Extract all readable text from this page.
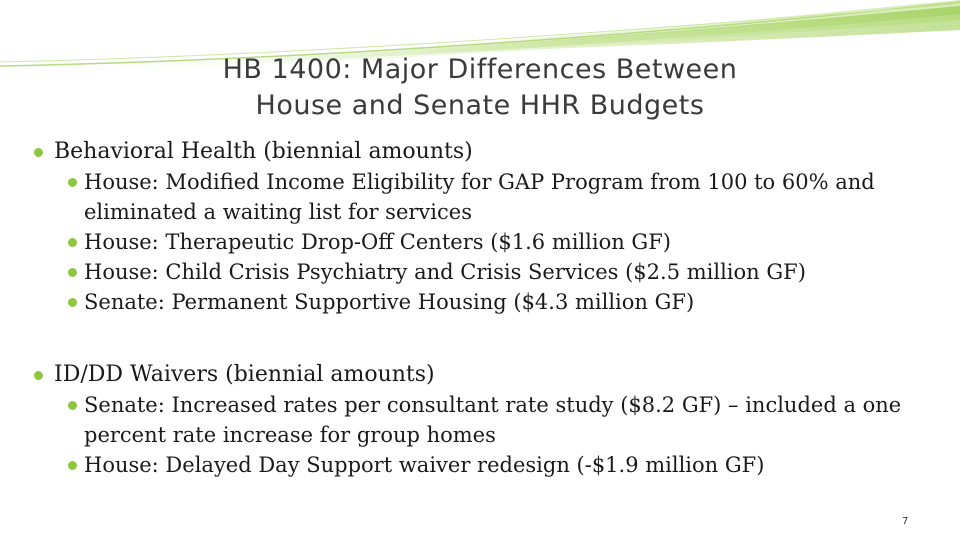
HB 1400: Major Differences Between
House and Senate HHR Budgets
Behavioral Health (biennial amounts)
House: Modified Income Eligibility for GAP Program from 100 to 60% and eliminated a waiting list for services
House: Therapeutic Drop-Off Centers ($1.6 million GF)
House: Child Crisis Psychiatry and Crisis Services ($2.5 million GF)
Senate: Permanent Supportive Housing ($4.3 million GF)
ID/DD Waivers (biennial amounts)
Senate: Increased rates per consultant rate study ($8.2 GF) – included a one percent rate increase for group homes
House: Delayed Day Support waiver redesign (-$1.9 million GF)
7
